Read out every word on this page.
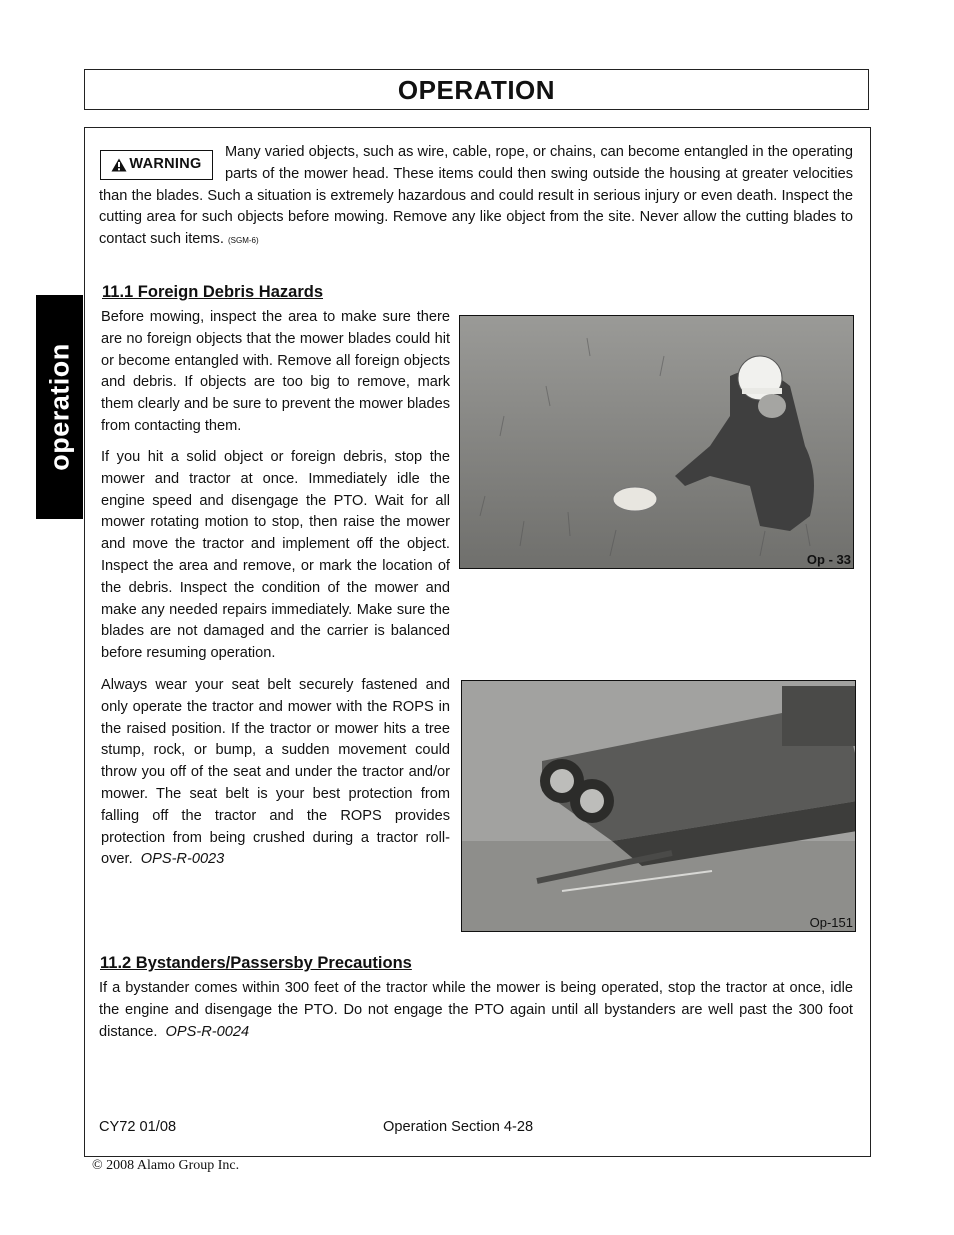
OPERATION
operation

WARNING
Many varied objects, such as wire, cable, rope, or chains, can become entangled in the operating parts of the mower head. These items could then swing outside the housing at greater velocities than the blades. Such a situation is extremely hazardous and could result in serious injury or even death. Inspect the cutting area for such objects before mowing. Remove any like object from the site. Never allow the cutting blades to contact such items. (SGM-6)

11.1 Foreign Debris Hazards

Before mowing, inspect the area to make sure there are no foreign objects that the mower blades could hit or become entangled with. Remove all foreign objects and debris. If objects are too big to remove, mark them clearly and be sure to prevent the mower blades from contacting them.

If you hit a solid object or foreign debris, stop the mower and tractor at once. Immediately idle the engine speed and disengage the PTO. Wait for all mower rotating motion to stop, then raise the mower and move the tractor and implement off the object. Inspect the area and remove, or mark the location of the debris. Inspect the condition of the mower and make any needed repairs immediately. Make sure the blades are not damaged and the carrier is balanced before resuming operation.

Always wear your seat belt securely fastened and only operate the tractor and mower with the ROPS in the raised position. If the tractor or mower hits a tree stump, rock, or bump, a sudden movement could throw you off of the seat and under the tractor and/or mower. The seat belt is your best protection from falling off the tractor and the ROPS provides protection from being crushed during a tractor roll-over. OPS-R-0023

Op - 33
Op-151
11.2 Bystanders/Passersby Precautions

If a bystander comes within 300 feet of the tractor while the mower is being operated, stop the tractor at once, idle the engine and disengage the PTO. Do not engage the PTO again until all bystanders are well past the 300 foot distance. OPS-R-0024

CY72 01/08	Operation Section 4-28
© 2008 Alamo Group Inc.
